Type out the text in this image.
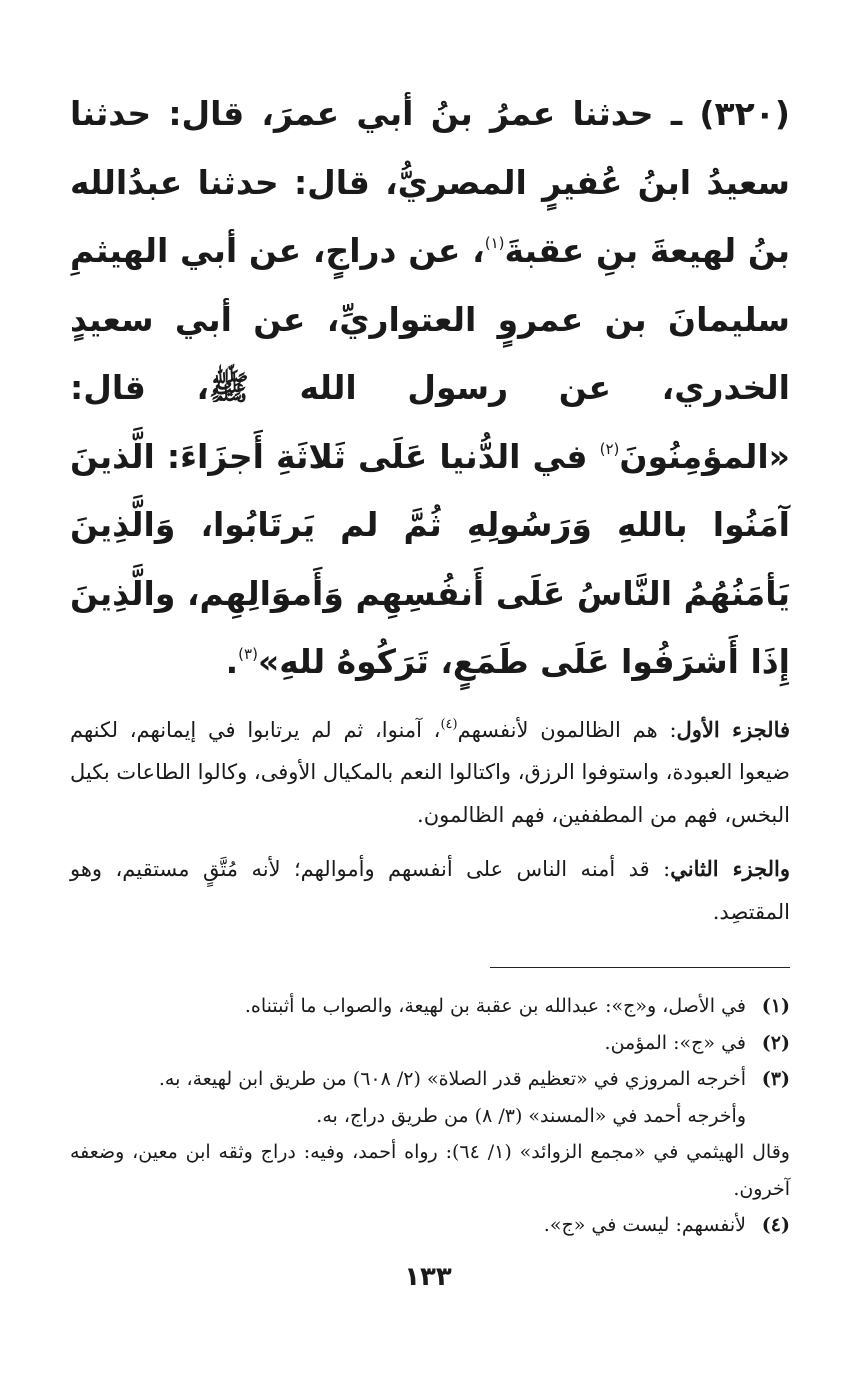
(٣٢٠) ـ حدثنا عمرُ بنُ أبي عمرَ، قال: حدثنا سعيدُ ابنُ عُفيرٍ المصريُّ، قال: حدثنا عبدُالله بنُ لهيعةَ بنِ عقبةَ$^{(١)}$، عن دراجٍ، عن أبي الهيثمِ سليمانَ بن عمروٍ العتواريِّ، عن أبي سعيدٍ الخدري، عن رسول الله ﷺ، قال: «المؤمِنُونَ$^{(٢)}$ في الدُّنيا عَلَى ثَلاثَةِ أَجزَاءَ: الَّذينَ آمَنُوا باللهِ وَرَسُولِهِ ثُمَّ لم يَرتَابُوا، وَالَّذِينَ يَأمَنُهُمُ النَّاسُ عَلَى أَنفُسِهِم وَأَموَالِهِم، والَّذِينَ إِذَا أَشرَفُوا عَلَى طَمَعٍ، تَرَكُوهُ للهِ»$^{(٣)}$.

فالجزء الأول: هم الظالمون لأنفسهم$^{(٤)}$، آمنوا، ثم لم يرتابوا في إيمانهم، لكنهم ضيعوا العبودة، واستوفوا الرزق، واكتالوا النعم بالمكيال الأوفى، وكالوا الطاعات بكيل البخس، فهم من المطففين، فهم الظالمون.

والجزء الثاني: قد أمنه الناس على أنفسهم وأموالهم؛ لأنه مُتَّقٍ مستقيم، وهو المقتصِد.

(١)
في الأصل، و«ج»: عبدالله بن عقبة بن لهيعة، والصواب ما أثبتناه.
(٢)
في «ج»: المؤمن.
(٣)
أخرجه المروزي في «تعظيم قدر الصلاة» (٢/ ٦٠٨) من طريق ابن لهيعة، به.
وأخرجه أحمد في «المسند» (٣/ ٨) من طريق دراج، به.
وقال الهيثمي في «مجمع الزوائد» (١/ ٦٤): رواه أحمد، وفيه: دراج وثقه ابن معين، وضعفه آخرون.
(٤)
لأنفسهم: ليست في «ج».
١٣٣
